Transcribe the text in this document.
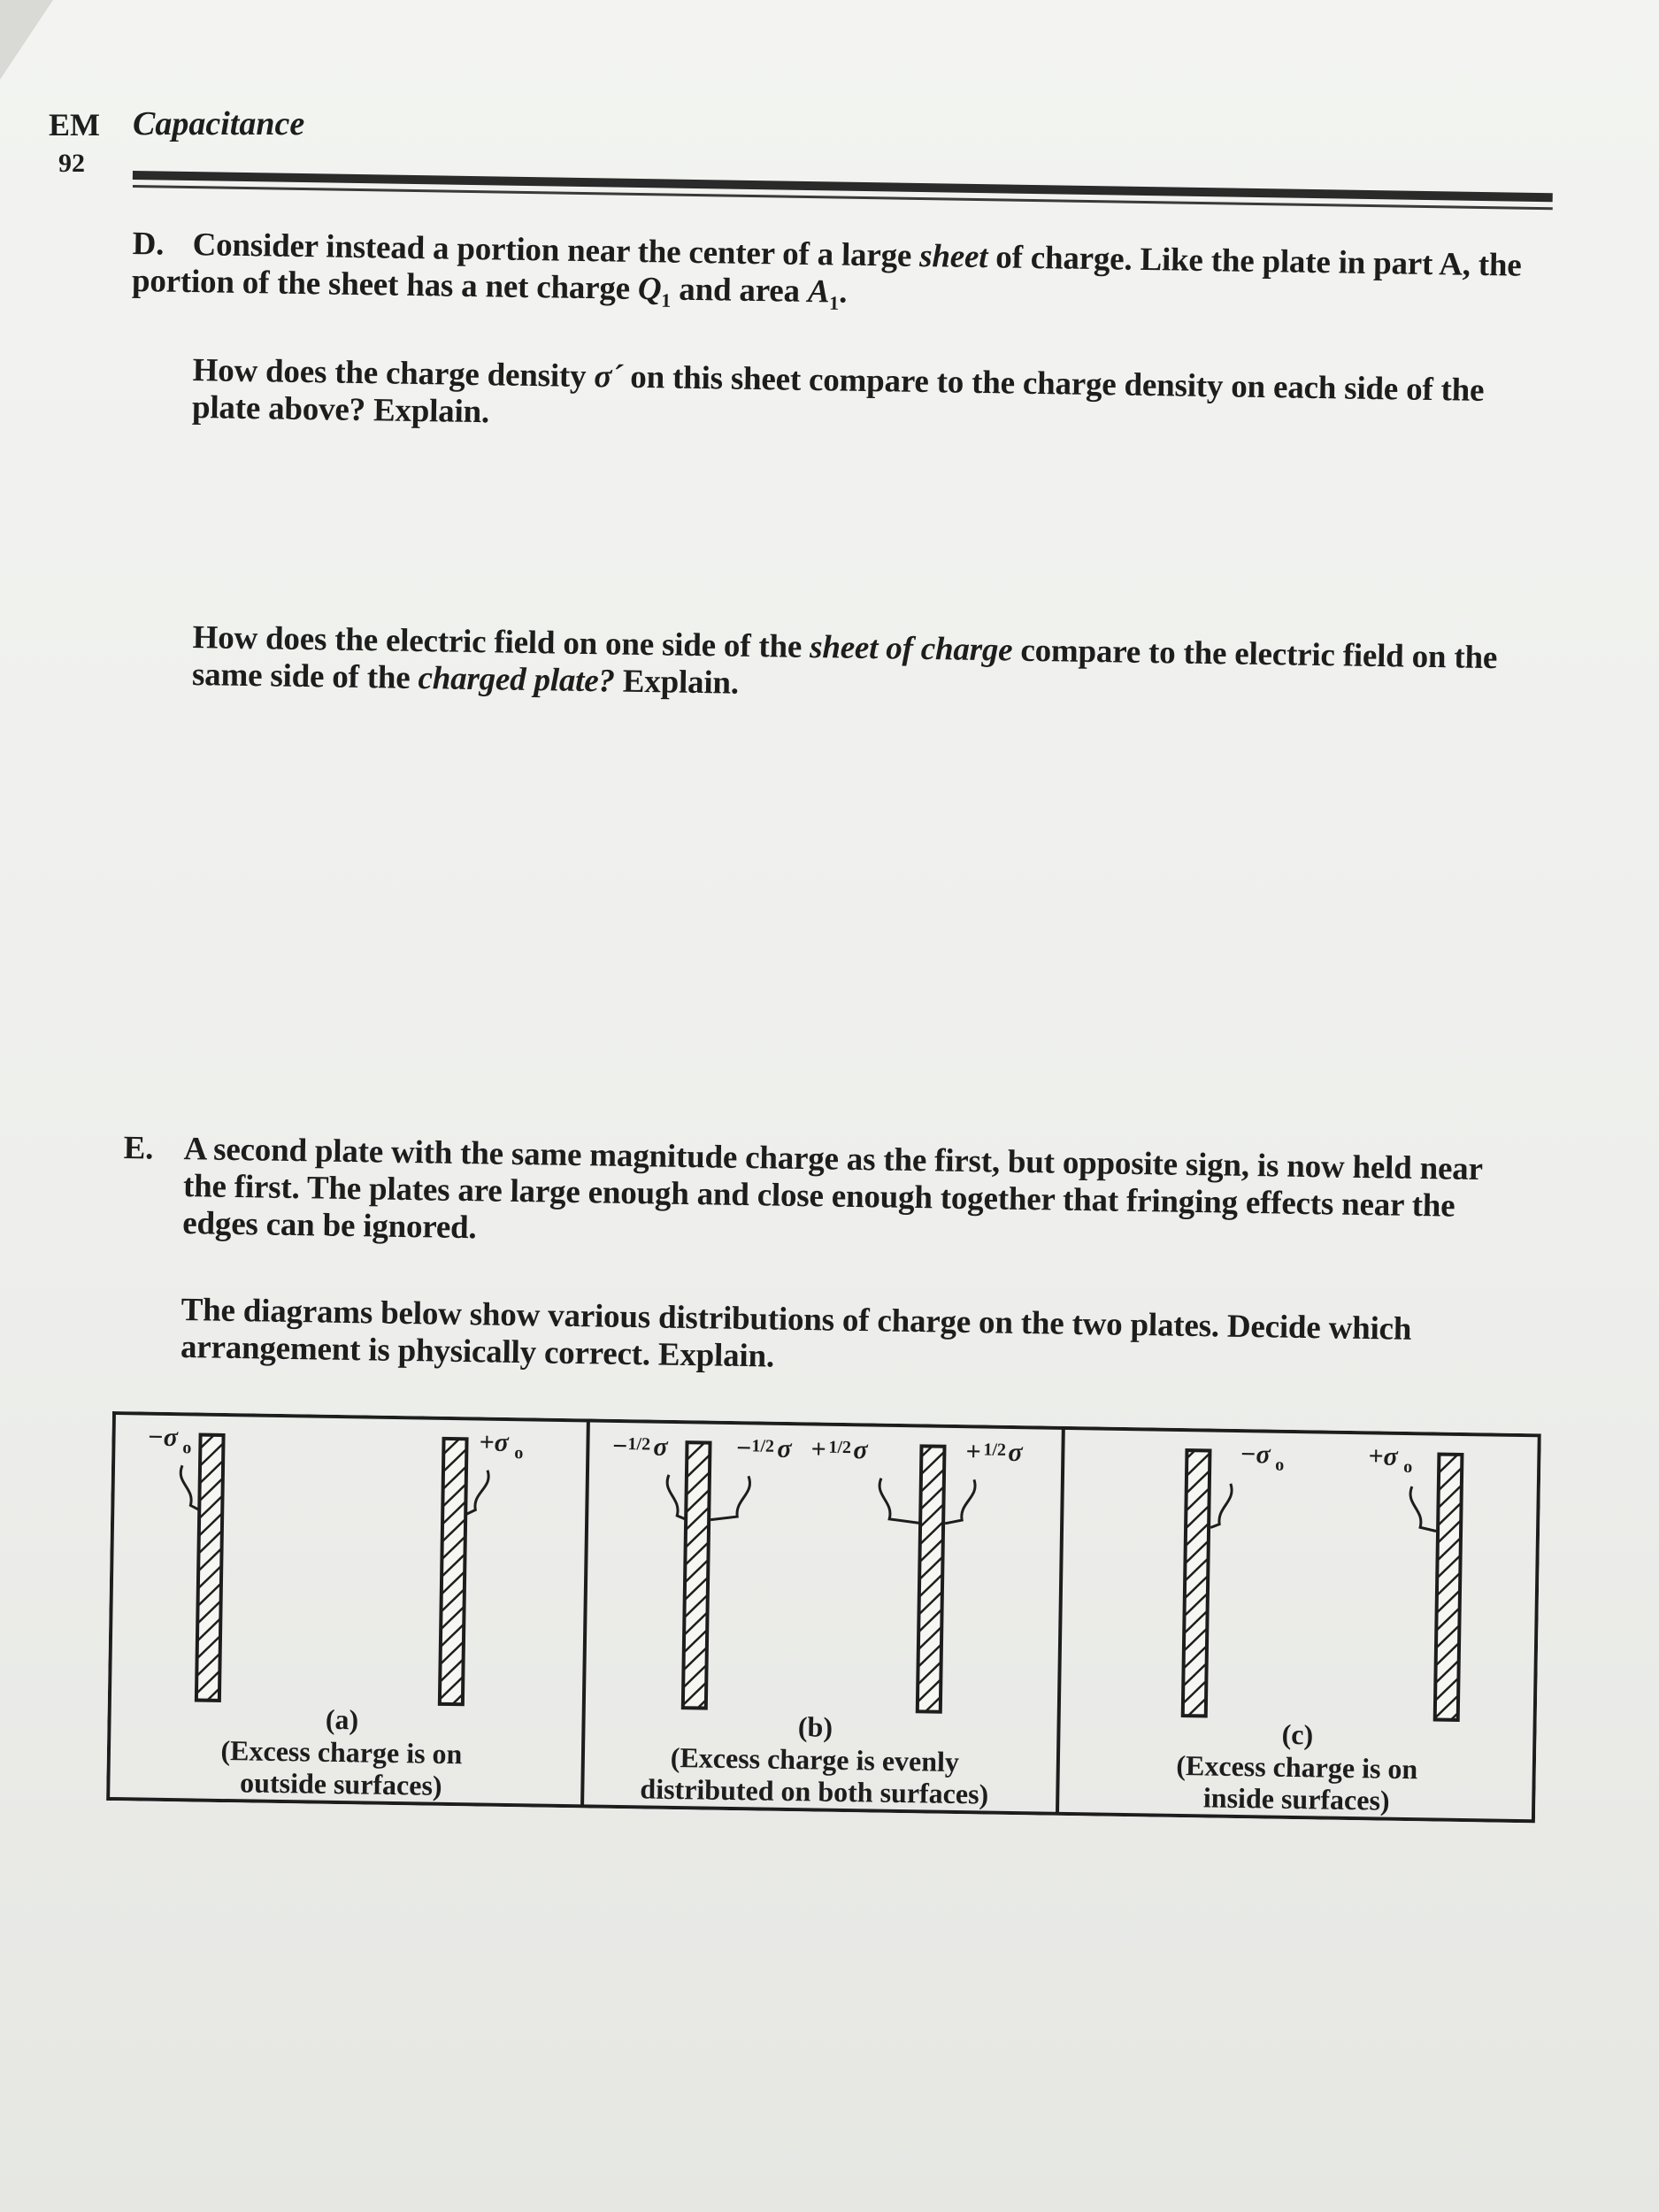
EM
92
Capacitance

D. Consider instead a portion near the center of a large sheet of charge. Like the plate in part A, the portion of the sheet has a net charge $Q_1$ and area $A_1$.

How does the charge density σ´ on this sheet compare to the charge density on each side of the plate above? Explain.

How does the electric field on one side of the sheet of charge compare to the electric field on the same side of the charged plate? Explain.

E. A second plate with the same magnitude charge as the first, but opposite sign, is now held near the first. The plates are large enough and close enough together that fringing effects near the edges can be ignored.

The diagrams below show various distributions of charge on the two plates. Decide which arrangement is physically correct. Explain.

−σ o	+σ o
(a)
(Excess charge is on
outside surfaces)
− 1/2 σ	− 1/2 σ + 1/2 σ	+ 1/2 σ
(b)
(Excess charge is evenly
distributed on both surfaces)
−σ o	+σ o
(c)
(Excess charge is on
inside surfaces)
